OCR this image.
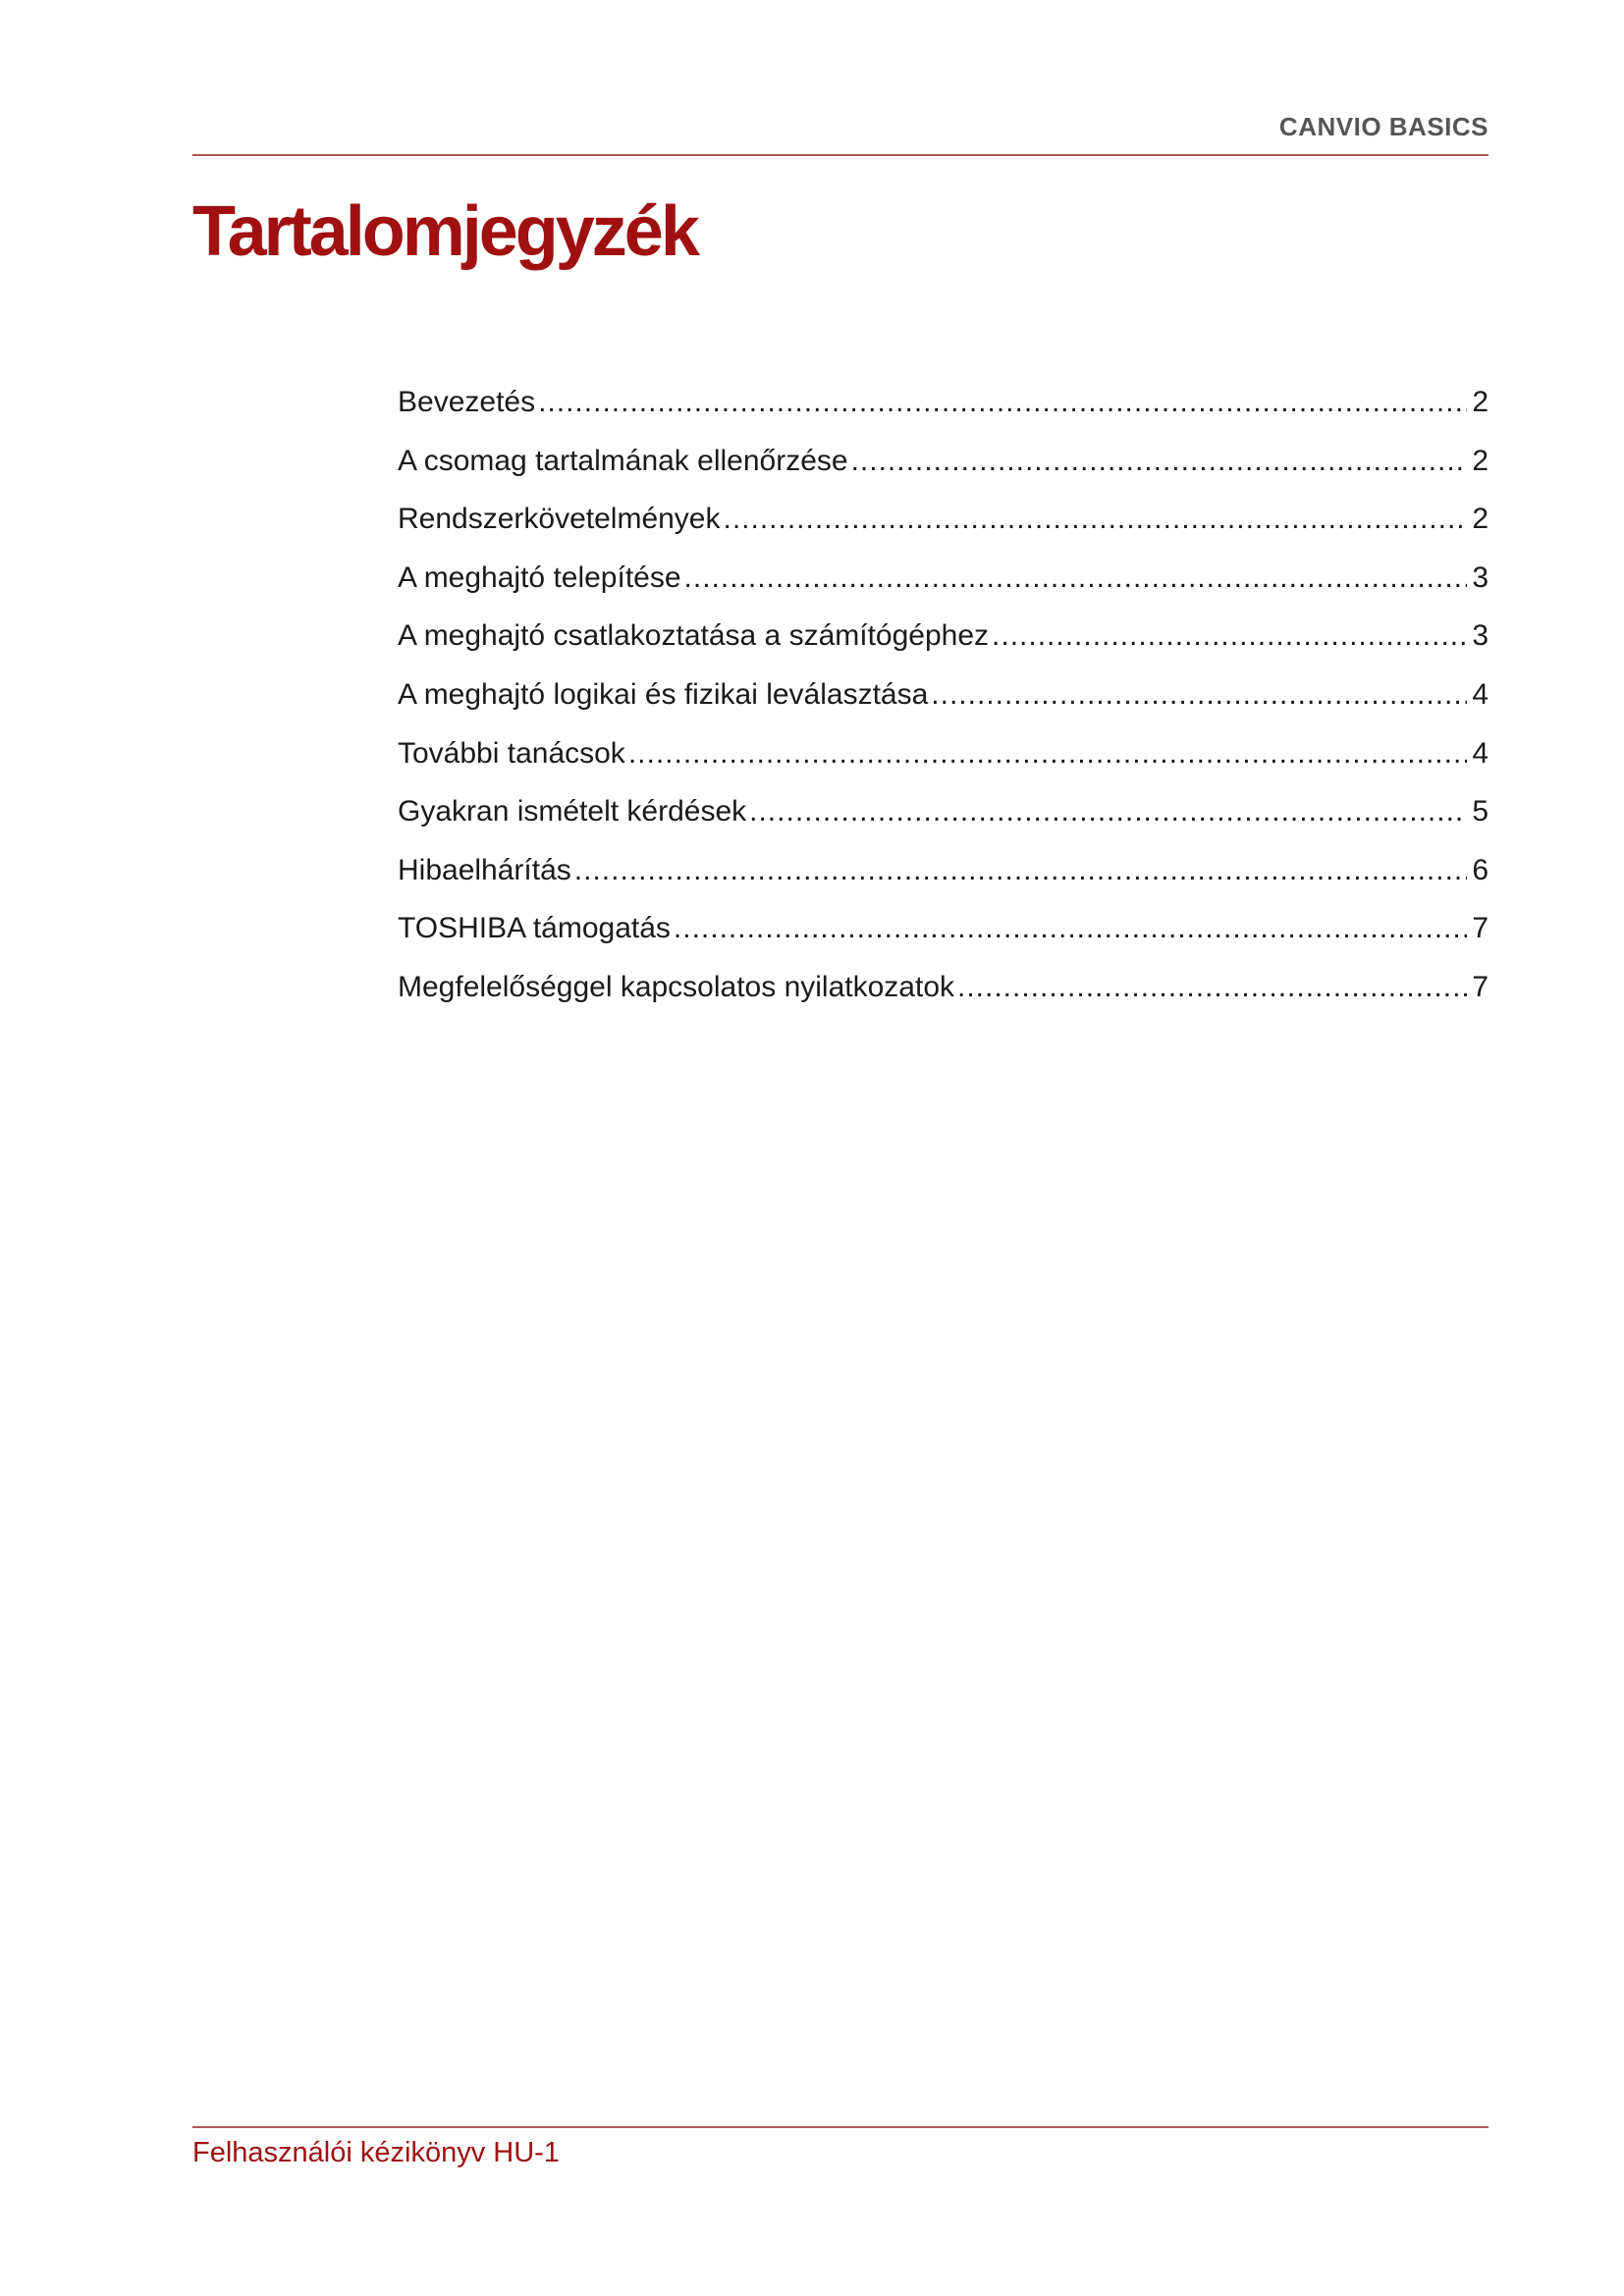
CANVIO BASICS
Tartalomjegyzék
Bevezetés .....	2
A csomag tartalmának ellenőrzése .....	2
Rendszerkövetelmények .....	2
A meghajtó telepítése .....	3
A meghajtó csatlakoztatása a számítógéphez .....	3
A meghajtó logikai és fizikai leválasztása .....	4
További tanácsok .....	4
Gyakran ismételt kérdések .....	5
Hibaelhárítás .....	6
TOSHIBA támogatás .....	7
Megfelelőséggel kapcsolatos nyilatkozatok .....	7
Felhasználói kézikönyv HU-1
